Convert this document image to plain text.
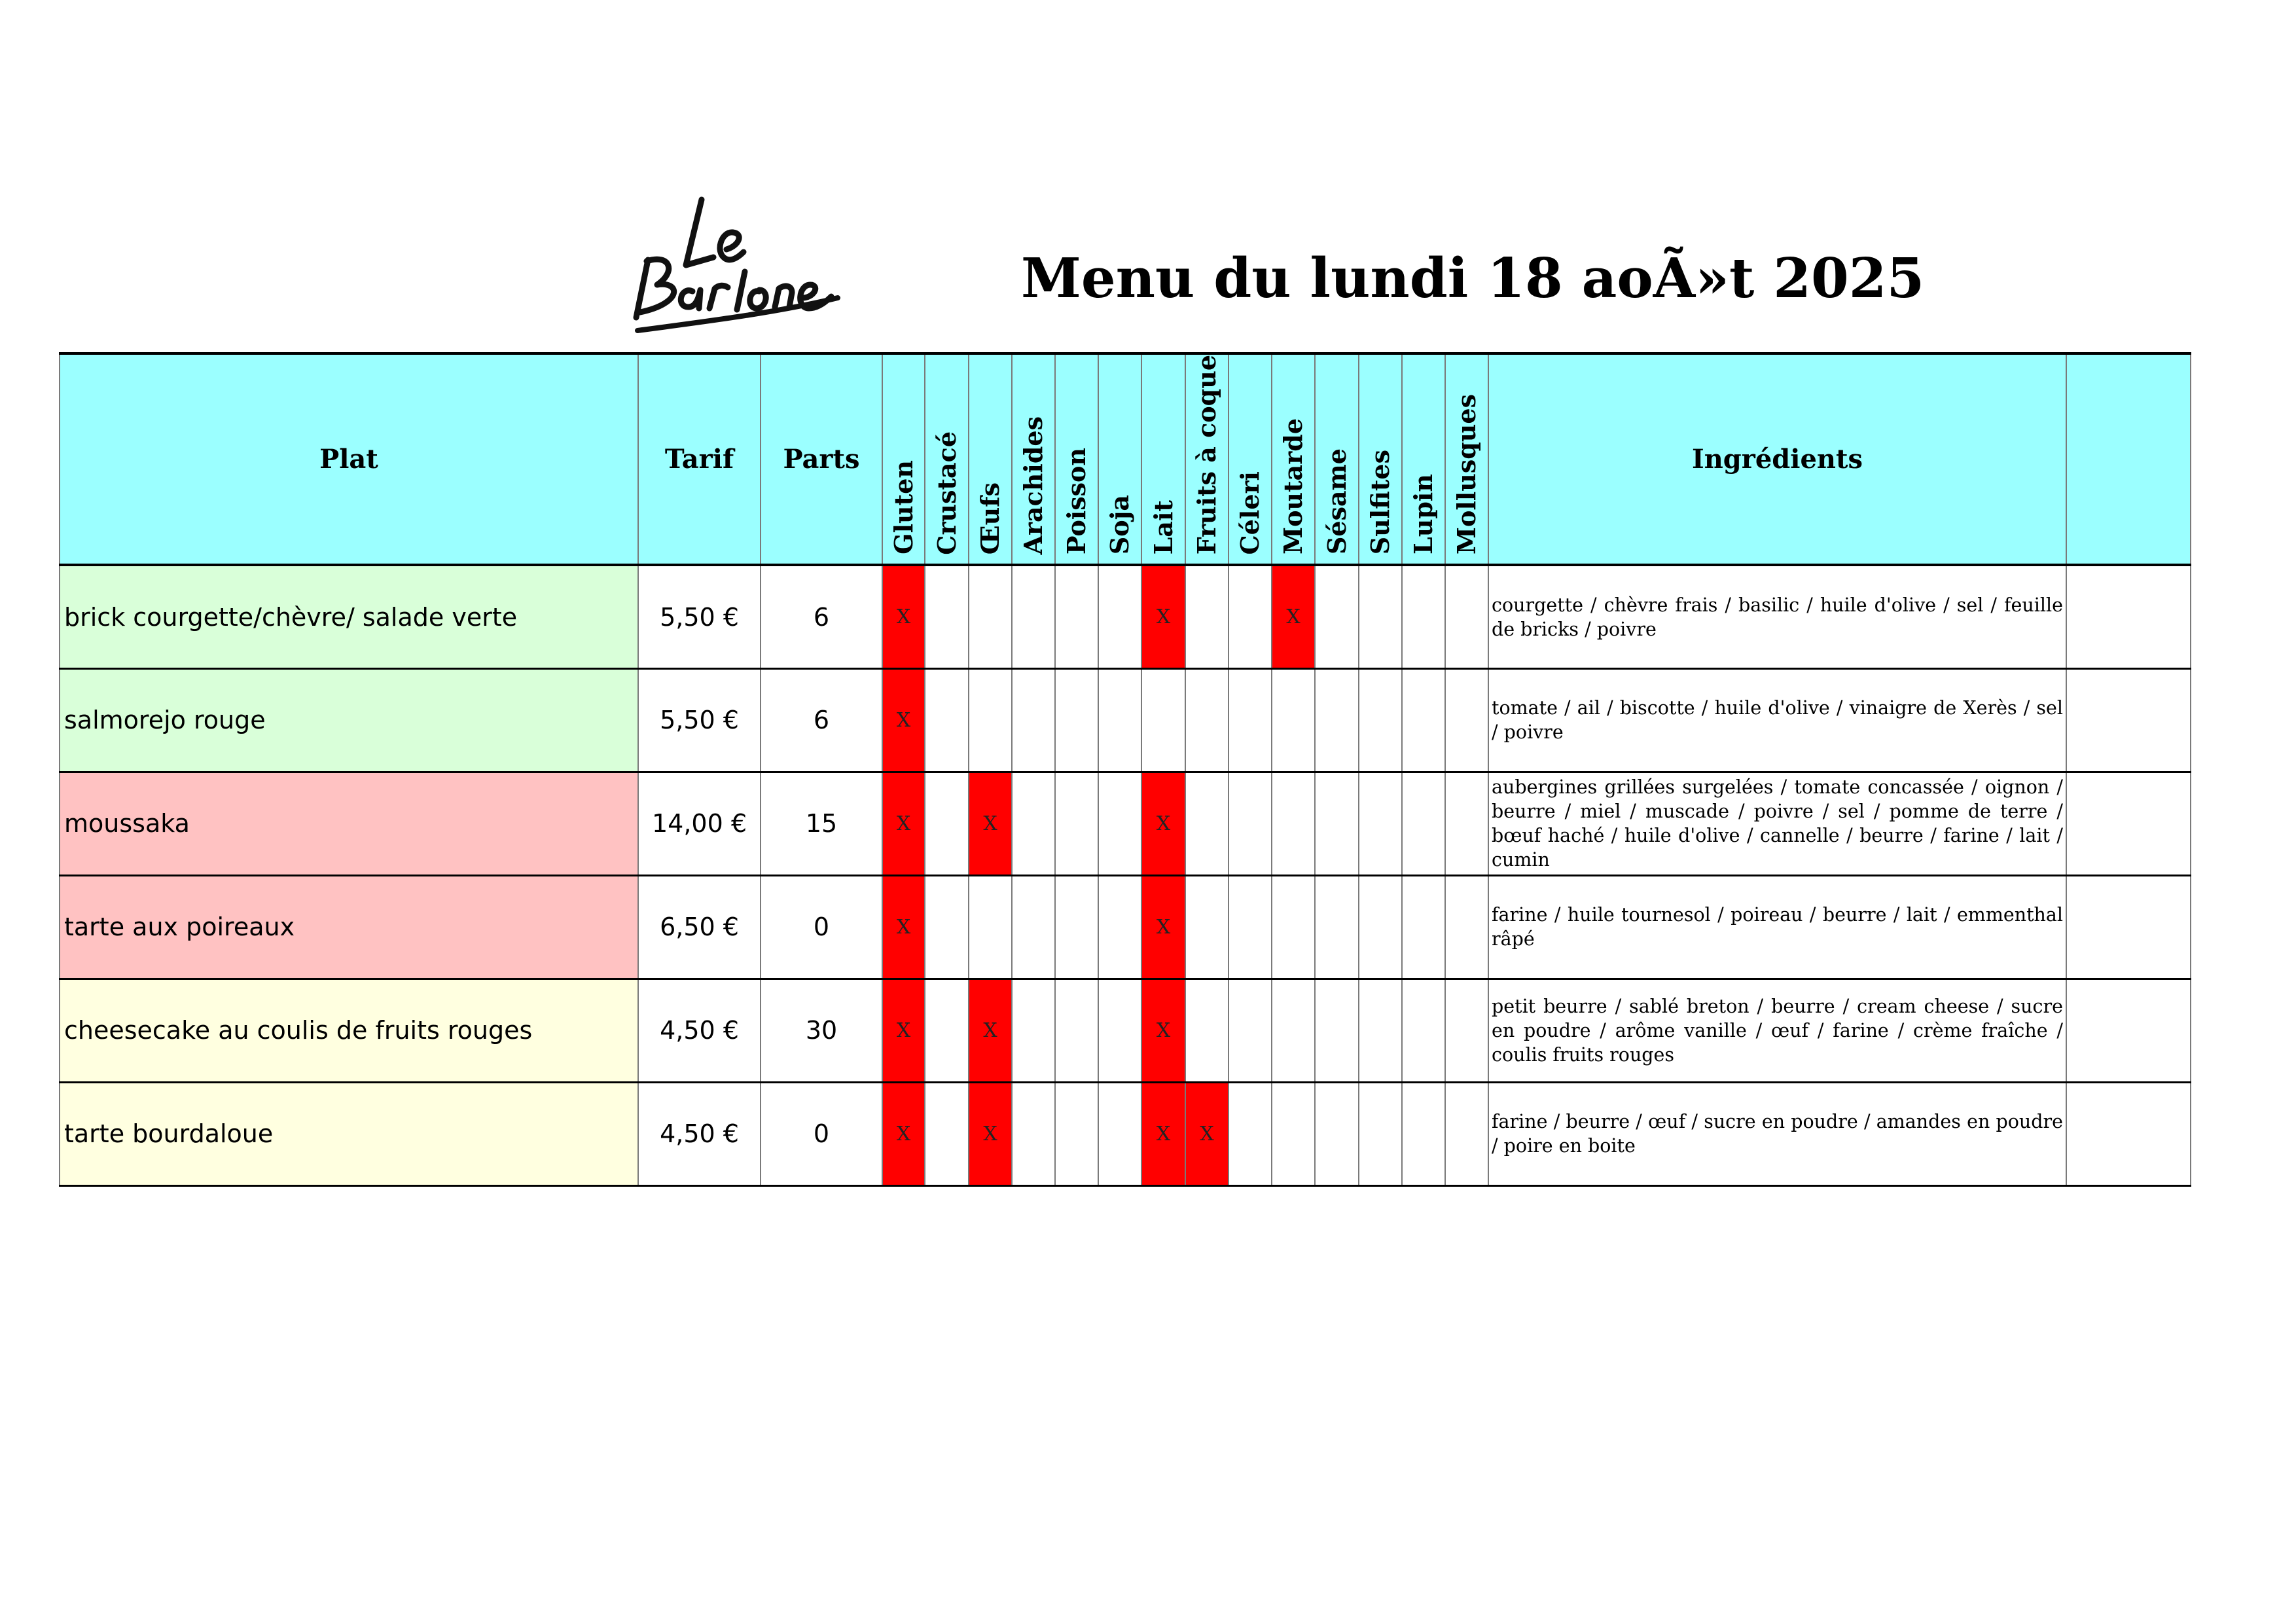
Menu du lundi 18 aoÃ»t 2025
Plat	Tarif	Parts	Gluten	Crustacé	Œufs	Arachides	Poisson	Soja	Lait	Fruits à coque	Céleri	Moutarde	Sésame	Sulfites	Lupin	Mollusques	Ingrédients	
brick courgette/chèvre/ salade verte	5,50 €	6	X						X			X					courgette / chèvre frais / basilic / huile d'olive / sel / feuille de bricks / poivre	
salmorejo rouge	5,50 €	6	X														tomate / ail / biscotte / huile d'olive / vinaigre de Xerès / sel / poivre	
moussaka	14,00 €	15	X		X				X								aubergines grillées surgelées / tomate concassée / oignon / beurre / miel / muscade / poivre / sel / pomme de terre / bœuf haché / huile d'olive / cannelle / beurre / farine / lait / cumin	
tarte aux poireaux	6,50 €	0	X						X								farine / huile tournesol / poireau / beurre / lait / emmenthal râpé	
cheesecake au coulis de fruits rouges	4,50 €	30	X		X				X								petit beurre / sablé breton / beurre / cream cheese / sucre en poudre / arôme vanille / œuf / farine / crème fraîche / coulis fruits rouges	
tarte bourdaloue	4,50 €	0	X		X				X	X							farine / beurre / œuf / sucre en poudre / amandes en poudre / poire en boite	
